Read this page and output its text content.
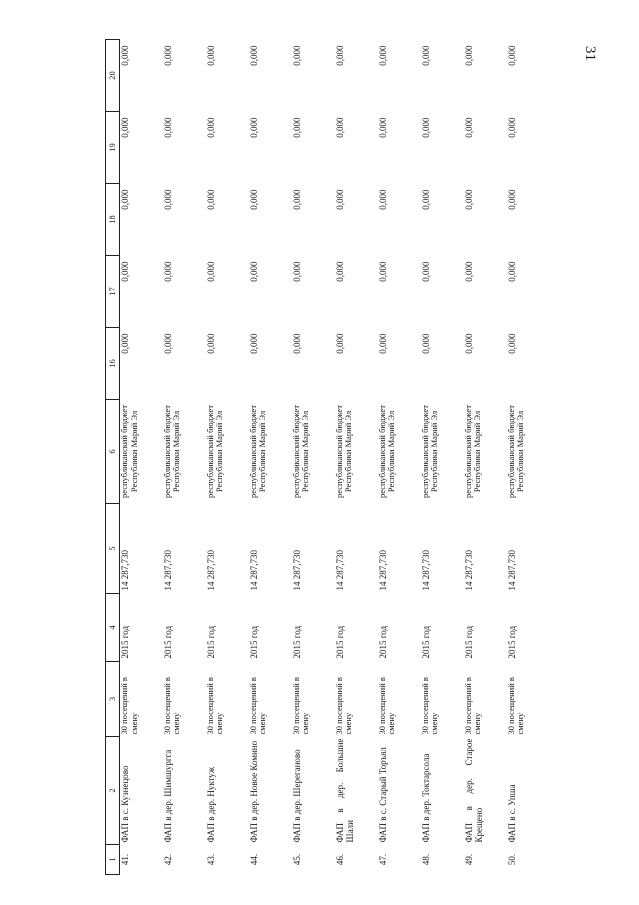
31
1	2	3	4	5	6	16	17	18	19	20
41.	ФАП в с. Кузнецово	30 посещений в смену	2015 год	14 287,730	республиканский бюджет Республики Марий Эл	0,000	0,000	0,000	0,000	0,000
42.	ФАП в дер. Шимшургга	30 посещений в смену	2015 год	14 287,730	республиканский бюджет Республики Марий Эл	0,000	0,000	0,000	0,000	0,000
43.	ФАП в дер. Нуктуж	30 посещений в смену	2015 год	14 287,730	республиканский бюджет Республики Марий Эл	0,000	0,000	0,000	0,000	0,000
44.	ФАП в дер. Новое Комино	30 посещений в смену	2015 год	14 287,730	республиканский бюджет Республики Марий Эл	0,000	0,000	0,000	0,000	0,000
45.	ФАП в дер. Шереганово	30 посещений в смену	2015 год	14 287,730	республиканский бюджет Республики Марий Эл	0,000	0,000	0,000	0,000	0,000
46.	ФАП в дер. Большие Шали	30 посещений в смену	2015 год	14 287,730	республиканский бюджет Республики Марий Эл	0,000	0,000	0,000	0,000	0,000
47.	ФАП в с. Старый Торъял	30 посещений в смену	2015 год	14 287,730	республиканский бюджет Республики Марий Эл	0,000	0,000	0,000	0,000	0,000
48.	ФАП в дер. Токтарсола	30 посещений в смену	2015 год	14 287,730	республиканский бюджет Республики Марий Эл	0,000	0,000	0,000	0,000	0,000
49.	ФАП в дер. Старое Крещено	30 посещений в смену	2015 год	14 287,730	республиканский бюджет Республики Марий Эл	0,000	0,000	0,000	0,000	0,000
50.	ФАП в с. Упша	30 посещений в смену	2015 год	14 287,730	республиканский бюджет Республики Марий Эл	0,000	0,000	0,000	0,000	0,000
